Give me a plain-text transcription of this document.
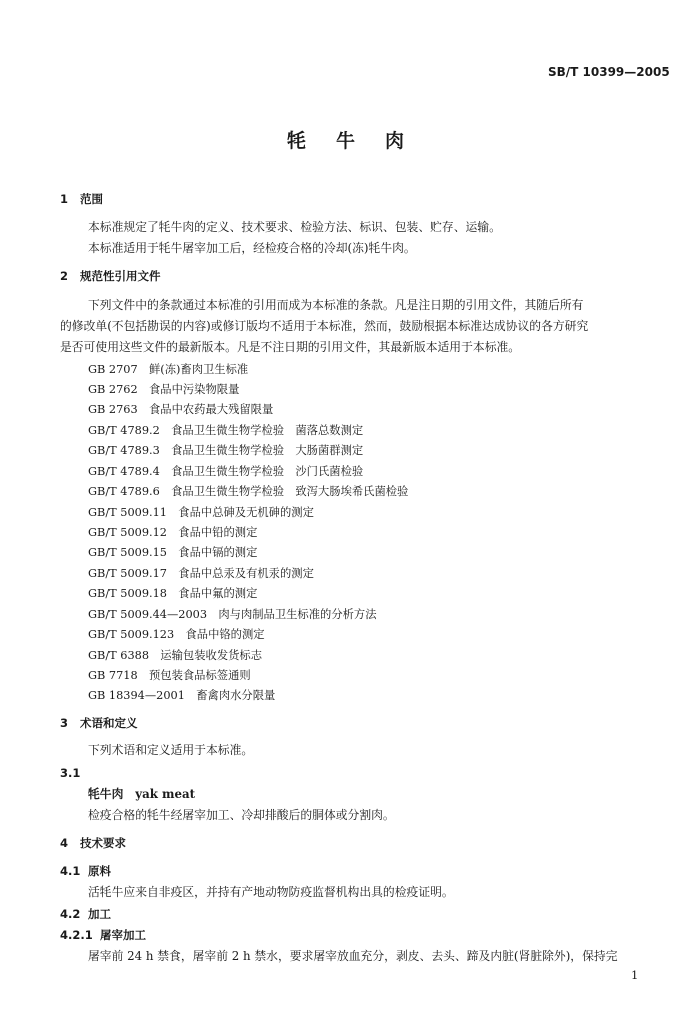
SB/T 10399—2005
牦牛肉
1 范围
本标准规定了牦牛肉的定义、技术要求、检验方法、标识、包装、贮存、运输。
本标准适用于牦牛屠宰加工后，经检疫合格的冷却(冻)牦牛肉。
2 规范性引用文件
下列文件中的条款通过本标准的引用而成为本标准的条款。凡是注日期的引用文件，其随后所有
的修改单(不包括勘误的内容)或修订版均不适用于本标准，然而，鼓励根据本标准达成协议的各方研究
是否可使用这些文件的最新版本。凡是不注日期的引用文件，其最新版本适用于本标准。
GB 2707　 鲜(冻)畜肉卫生标准
GB 2762　 食品中污染物限量
GB 2763　 食品中农药最大残留限量
GB/T 4789.2　 食品卫生微生物学检验　菌落总数测定
GB/T 4789.3　 食品卫生微生物学检验　大肠菌群测定
GB/T 4789.4　 食品卫生微生物学检验　沙门氏菌检验
GB/T 4789.6　 食品卫生微生物学检验　致泻大肠埃希氏菌检验
GB/T 5009.11　 食品中总砷及无机砷的测定
GB/T 5009.12　 食品中铅的测定
GB/T 5009.15　 食品中镉的测定
GB/T 5009.17　 食品中总汞及有机汞的测定
GB/T 5009.18　 食品中氟的测定
GB/T 5009.44—2003　 肉与肉制品卫生标准的分析方法
GB/T 5009.123　 食品中铬的测定
GB/T 6388　 运输包装收发货标志
GB 7718　 预包装食品标签通则
GB 18394—2001　 畜禽肉水分限量
3 术语和定义
下列术语和定义适用于本标准。
3.1
牦牛肉　 yak meat
检疫合格的牦牛经屠宰加工、冷却排酸后的胴体或分割肉。
4 技术要求
4.1 原料
活牦牛应来自非疫区，并持有产地动物防疫监督机构出具的检疫证明。
4.2 加工
4.2.1 屠宰加工
屠宰前 24 h 禁食，屠宰前 2 h 禁水，要求屠宰放血充分，剥皮、去头、蹄及内脏(肾脏除外)，保持完
1
